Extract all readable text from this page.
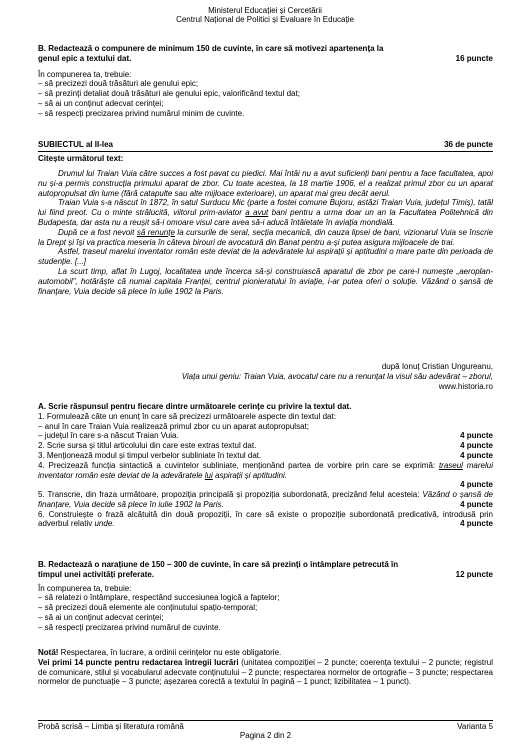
Ministerul Educației și Cercetării
Centrul Național de Politici și Evaluare în Educație
B. Redactează o compunere de minimum 150 de cuvinte, în care să motivezi apartenența la
genul epic a textului dat.	16 puncte
În compunerea ta, trebuie:
– să precizezi două trăsături ale genului epic;
– să prezinți detaliat două trăsături ale genului epic, valorificând textul dat;
– să ai un conținut adecvat cerinței;
– să respecți precizarea privind numărul minim de cuvinte.
SUBIECTUL al II-lea	36 de puncte
Citește următorul text:

Drumul lui Traian Vuia către succes a fost pavat cu piedici. Mai întâi nu a avut suficienți bani pentru a face facultatea, apoi nu și-a permis construcția primului aparat de zbor. Cu toate acestea, la 18 martie 1906, el a realizat primul zbor cu un aparat autopropulsat din lume (fără catapulte sau alte mijloace exterioare), un aparat mai greu decât aerul.

Traian Vuia s-a născut în 1872, în satul Surducu Mic (parte a fostei comune Bujoru, astăzi Traian Vuia, județul Timiș), tatăl lui fiind preot. Cu o minte strălucită, viitorul prim-aviator a avut bani pentru a urma doar un an la Facultatea Politehnică din Budapesta, dar asta nu a reușit să-i omoare visul care avea să-i aducă întâietate în aviația mondială.

După ce a fost nevoit să renunțe la cursurile de seral, secția mecanică, din cauza lipsei de bani, vizionarul Vuia se înscrie la Drept și își va practica meseria în câteva birouri de avocatură din Banat pentru a-și putea asigura mijloacele de trai.

Astfel, traseul marelui inventator român este deviat de la adevăratele lui aspirații și aptitudini o mare parte din perioada de studenție. [...]

La scurt timp, aflat în Lugoj, localitatea unde încerca să-și construiască aparatul de zbor pe care-l numește „aeroplan-automobil”, hotărăște că numai capitala Franței, centrul pionieratului în aviație, i-ar putea oferi o soluție. Văzând o șansă de finanțare, Vuia decide să plece în iulie 1902 la Paris.

după Ionuț Cristian Ungureanu,
Viața unui geniu: Traian Vuia, avocatul care nu a renunțat la visul său adevărat – zborul,
www.historia.ro
A. Scrie răspunsul pentru fiecare dintre următoarele cerințe cu privire la textul dat.
1. Formulează câte un enunț în care să precizezi următoarele aspecte din textul dat:
– anul în care Traian Vuia realizează primul zbor cu un aparat autopropulsat;
– județul în care s-a născut Traian Vuia.	4 puncte
2. Scrie sursa și titlul articolului din care este extras textul dat.	4 puncte
3. Menționează modul și timpul verbelor subliniate în textul dat.	4 puncte
4. Precizează funcția sintactică a cuvintelor subliniate, menționând partea de vorbire prin care se exprimă: traseul marelui inventator român este deviat de la adevăratele lui aspirații și aptitudini.
4 puncte
5. Transcrie, din fraza următoare, propoziția principală și propoziția subordonată, precizând felul acesteia: Văzând o șansă de finanțare, Vuia decide să plece în iulie 1902 la Paris.	4 puncte
6. Construiește o frază alcătuită din două propoziții, în care să existe o propoziție subordonată predicativă, introdusă prin adverbul relativ unde.	4 puncte
B. Redactează o narațiune de 150 – 300 de cuvinte, în care să prezinți o întâmplare petrecută în
timpul unei activități preferate.	12 puncte
În compunerea ta, trebuie:
– să relatezi o întâmplare, respectând succesiunea logică a faptelor;
– să precizezi două elemente ale conținutului spațio-temporal;
– să ai un conținut adecvat cerinței;
– să respecți precizarea privind numărul de cuvinte.
Notă! Respectarea, în lucrare, a ordinii cerințelor nu este obligatorie.
Vei primi 14 puncte pentru redactarea întregii lucrări (unitatea compoziției – 2 puncte; coerența textului – 2 puncte; registrul de comunicare, stilul și vocabularul adecvate conținutului – 2 puncte; respectarea normelor de ortografie – 3 puncte; respectarea normelor de punctuație – 3 puncte; așezarea corectă a textului în pagină – 1 punct; lizibilitatea – 1 punct).
Probă scrisă – Limba și literatura română	Varianta 5
Pagina 2 din 2
